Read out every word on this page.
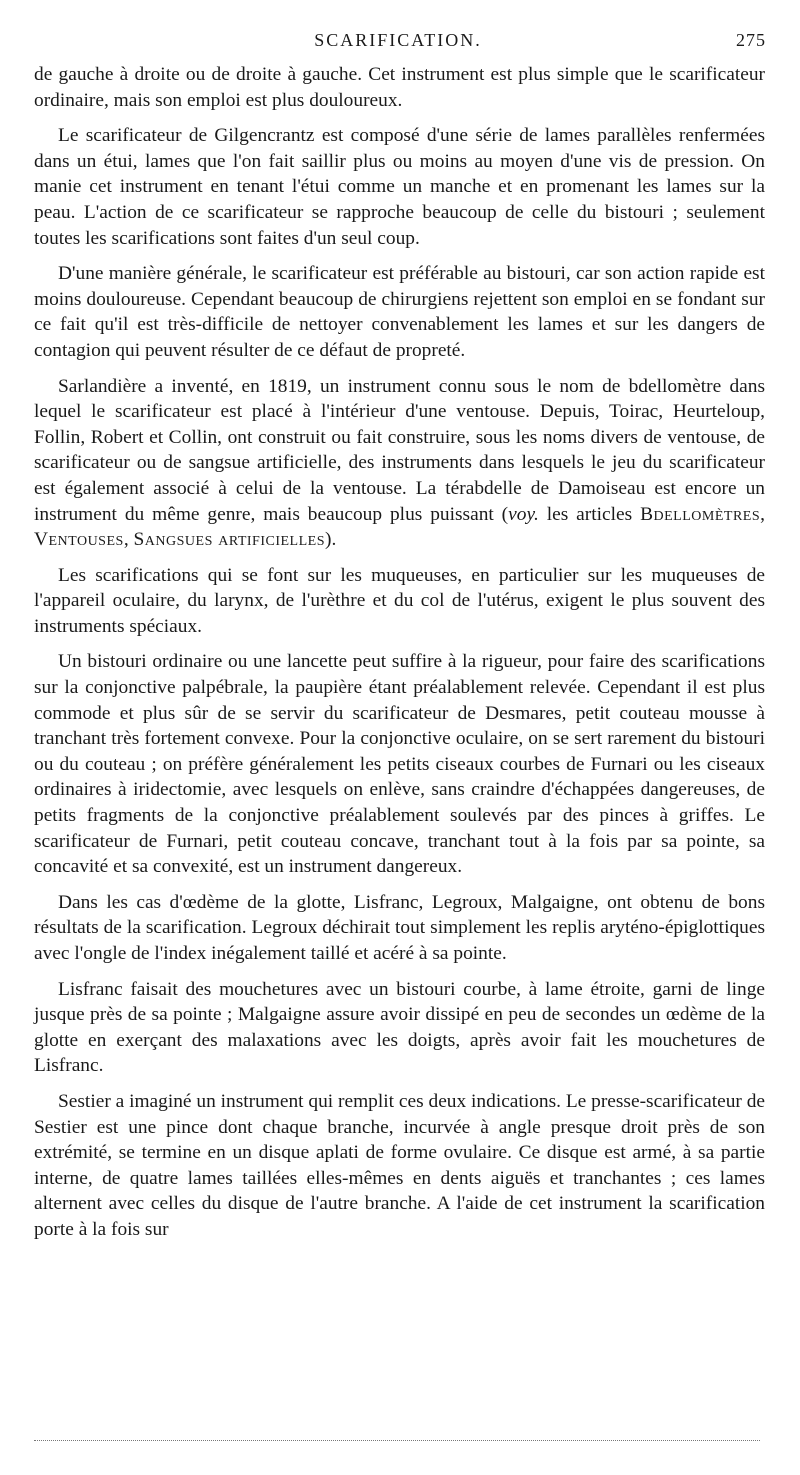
SCARIFICATION.	275

de gauche à droite ou de droite à gauche. Cet instrument est plus simple que le scarificateur ordinaire, mais son emploi est plus douloureux.

Le scarificateur de Gilgencrantz est composé d'une série de lames parallèles renfermées dans un étui, lames que l'on fait saillir plus ou moins au moyen d'une vis de pression. On manie cet instrument en tenant l'étui comme un manche et en promenant les lames sur la peau. L'action de ce scarificateur se rapproche beaucoup de celle du bistouri ; seulement toutes les scarifications sont faites d'un seul coup.

D'une manière générale, le scarificateur est préférable au bistouri, car son action rapide est moins douloureuse. Cependant beaucoup de chirurgiens rejettent son emploi en se fondant sur ce fait qu'il est très-difficile de nettoyer convenablement les lames et sur les dangers de contagion qui peuvent résulter de ce défaut de propreté.

Sarlandière a inventé, en 1819, un instrument connu sous le nom de bdellomètre dans lequel le scarificateur est placé à l'intérieur d'une ventouse. Depuis, Toirac, Heurteloup, Follin, Robert et Collin, ont construit ou fait construire, sous les noms divers de ventouse, de scarificateur ou de sangsue artificielle, des instruments dans lesquels le jeu du scarificateur est également associé à celui de la ventouse. La térabdelle de Damoiseau est encore un instrument du même genre, mais beaucoup plus puissant (voy. les articles Bdellomètres, Ventouses, Sangsues artificielles).

Les scarifications qui se font sur les muqueuses, en particulier sur les muqueuses de l'appareil oculaire, du larynx, de l'urèthre et du col de l'utérus, exigent le plus souvent des instruments spéciaux.

Un bistouri ordinaire ou une lancette peut suffire à la rigueur, pour faire des scarifications sur la conjonctive palpébrale, la paupière étant préalablement relevée. Cependant il est plus commode et plus sûr de se servir du scarificateur de Desmares, petit couteau mousse à tranchant très fortement convexe. Pour la conjonctive oculaire, on se sert rarement du bistouri ou du couteau ; on préfère généralement les petits ciseaux courbes de Furnari ou les ciseaux ordinaires à iridectomie, avec lesquels on enlève, sans craindre d'échappées dangereuses, de petits fragments de la conjonctive préalablement soulevés par des pinces à griffes. Le scarificateur de Furnari, petit couteau concave, tranchant tout à la fois par sa pointe, sa concavité et sa convexité, est un instrument dangereux.

Dans les cas d'œdème de la glotte, Lisfranc, Legroux, Malgaigne, ont obtenu de bons résultats de la scarification. Legroux déchirait tout simplement les replis aryténo-épiglottiques avec l'ongle de l'index inégalement taillé et acéré à sa pointe.

Lisfranc faisait des mouchetures avec un bistouri courbe, à lame étroite, garni de linge jusque près de sa pointe ; Malgaigne assure avoir dissipé en peu de secondes un œdème de la glotte en exerçant des malaxations avec les doigts, après avoir fait les mouchetures de Lisfranc.

Sestier a imaginé un instrument qui remplit ces deux indications. Le presse-scarificateur de Sestier est une pince dont chaque branche, incurvée à angle presque droit près de son extrémité, se termine en un disque aplati de forme ovulaire. Ce disque est armé, à sa partie interne, de quatre lames taillées elles-mêmes en dents aiguës et tranchantes ; ces lames alternent avec celles du disque de l'autre branche. A l'aide de cet instrument la scarification porte à la fois sur
